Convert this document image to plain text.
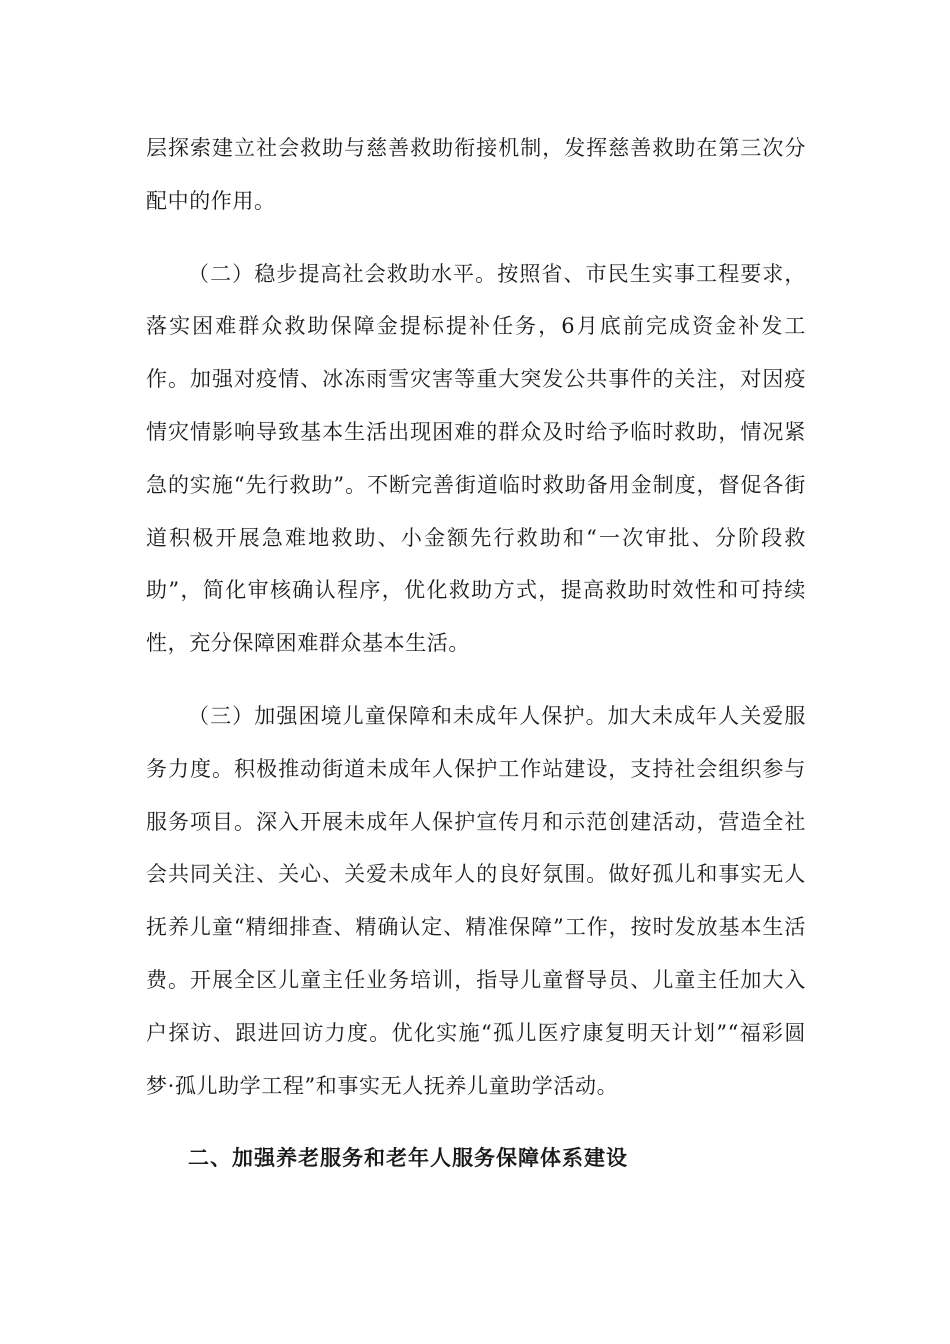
层探索建立社会救助与慈善救助衔接机制，发挥慈善救助在第三次分配中的作用。

（二）稳步提高社会救助水平。按照省、市民生实事工程要求，落实困难群众救助保障金提标提补任务，6月底前完成资金补发工作。加强对疫情、冰冻雨雪灾害等重大突发公共事件的关注，对因疫情灾情影响导致基本生活出现困难的群众及时给予临时救助，情况紧急的实施“先行救助”。不断完善街道临时救助备用金制度，督促各街道积极开展急难地救助、小金额先行救助和“一次审批、分阶段救助”，简化审核确认程序，优化救助方式，提高救助时效性和可持续性，充分保障困难群众基本生活。

（三）加强困境儿童保障和未成年人保护。加大未成年人关爱服务力度。积极推动街道未成年人保护工作站建设，支持社会组织参与服务项目。深入开展未成年人保护宣传月和示范创建活动，营造全社会共同关注、关心、关爱未成年人的良好氛围。做好孤儿和事实无人抚养儿童“精细排查、精确认定、精准保障”工作，按时发放基本生活费。开展全区儿童主任业务培训，指导儿童督导员、儿童主任加大入户探访、跟进回访力度。优化实施“孤儿医疗康复明天计划”“福彩圆梦·孤儿助学工程”和事实无人抚养儿童助学活动。

二、加强养老服务和老年人服务保障体系建设
